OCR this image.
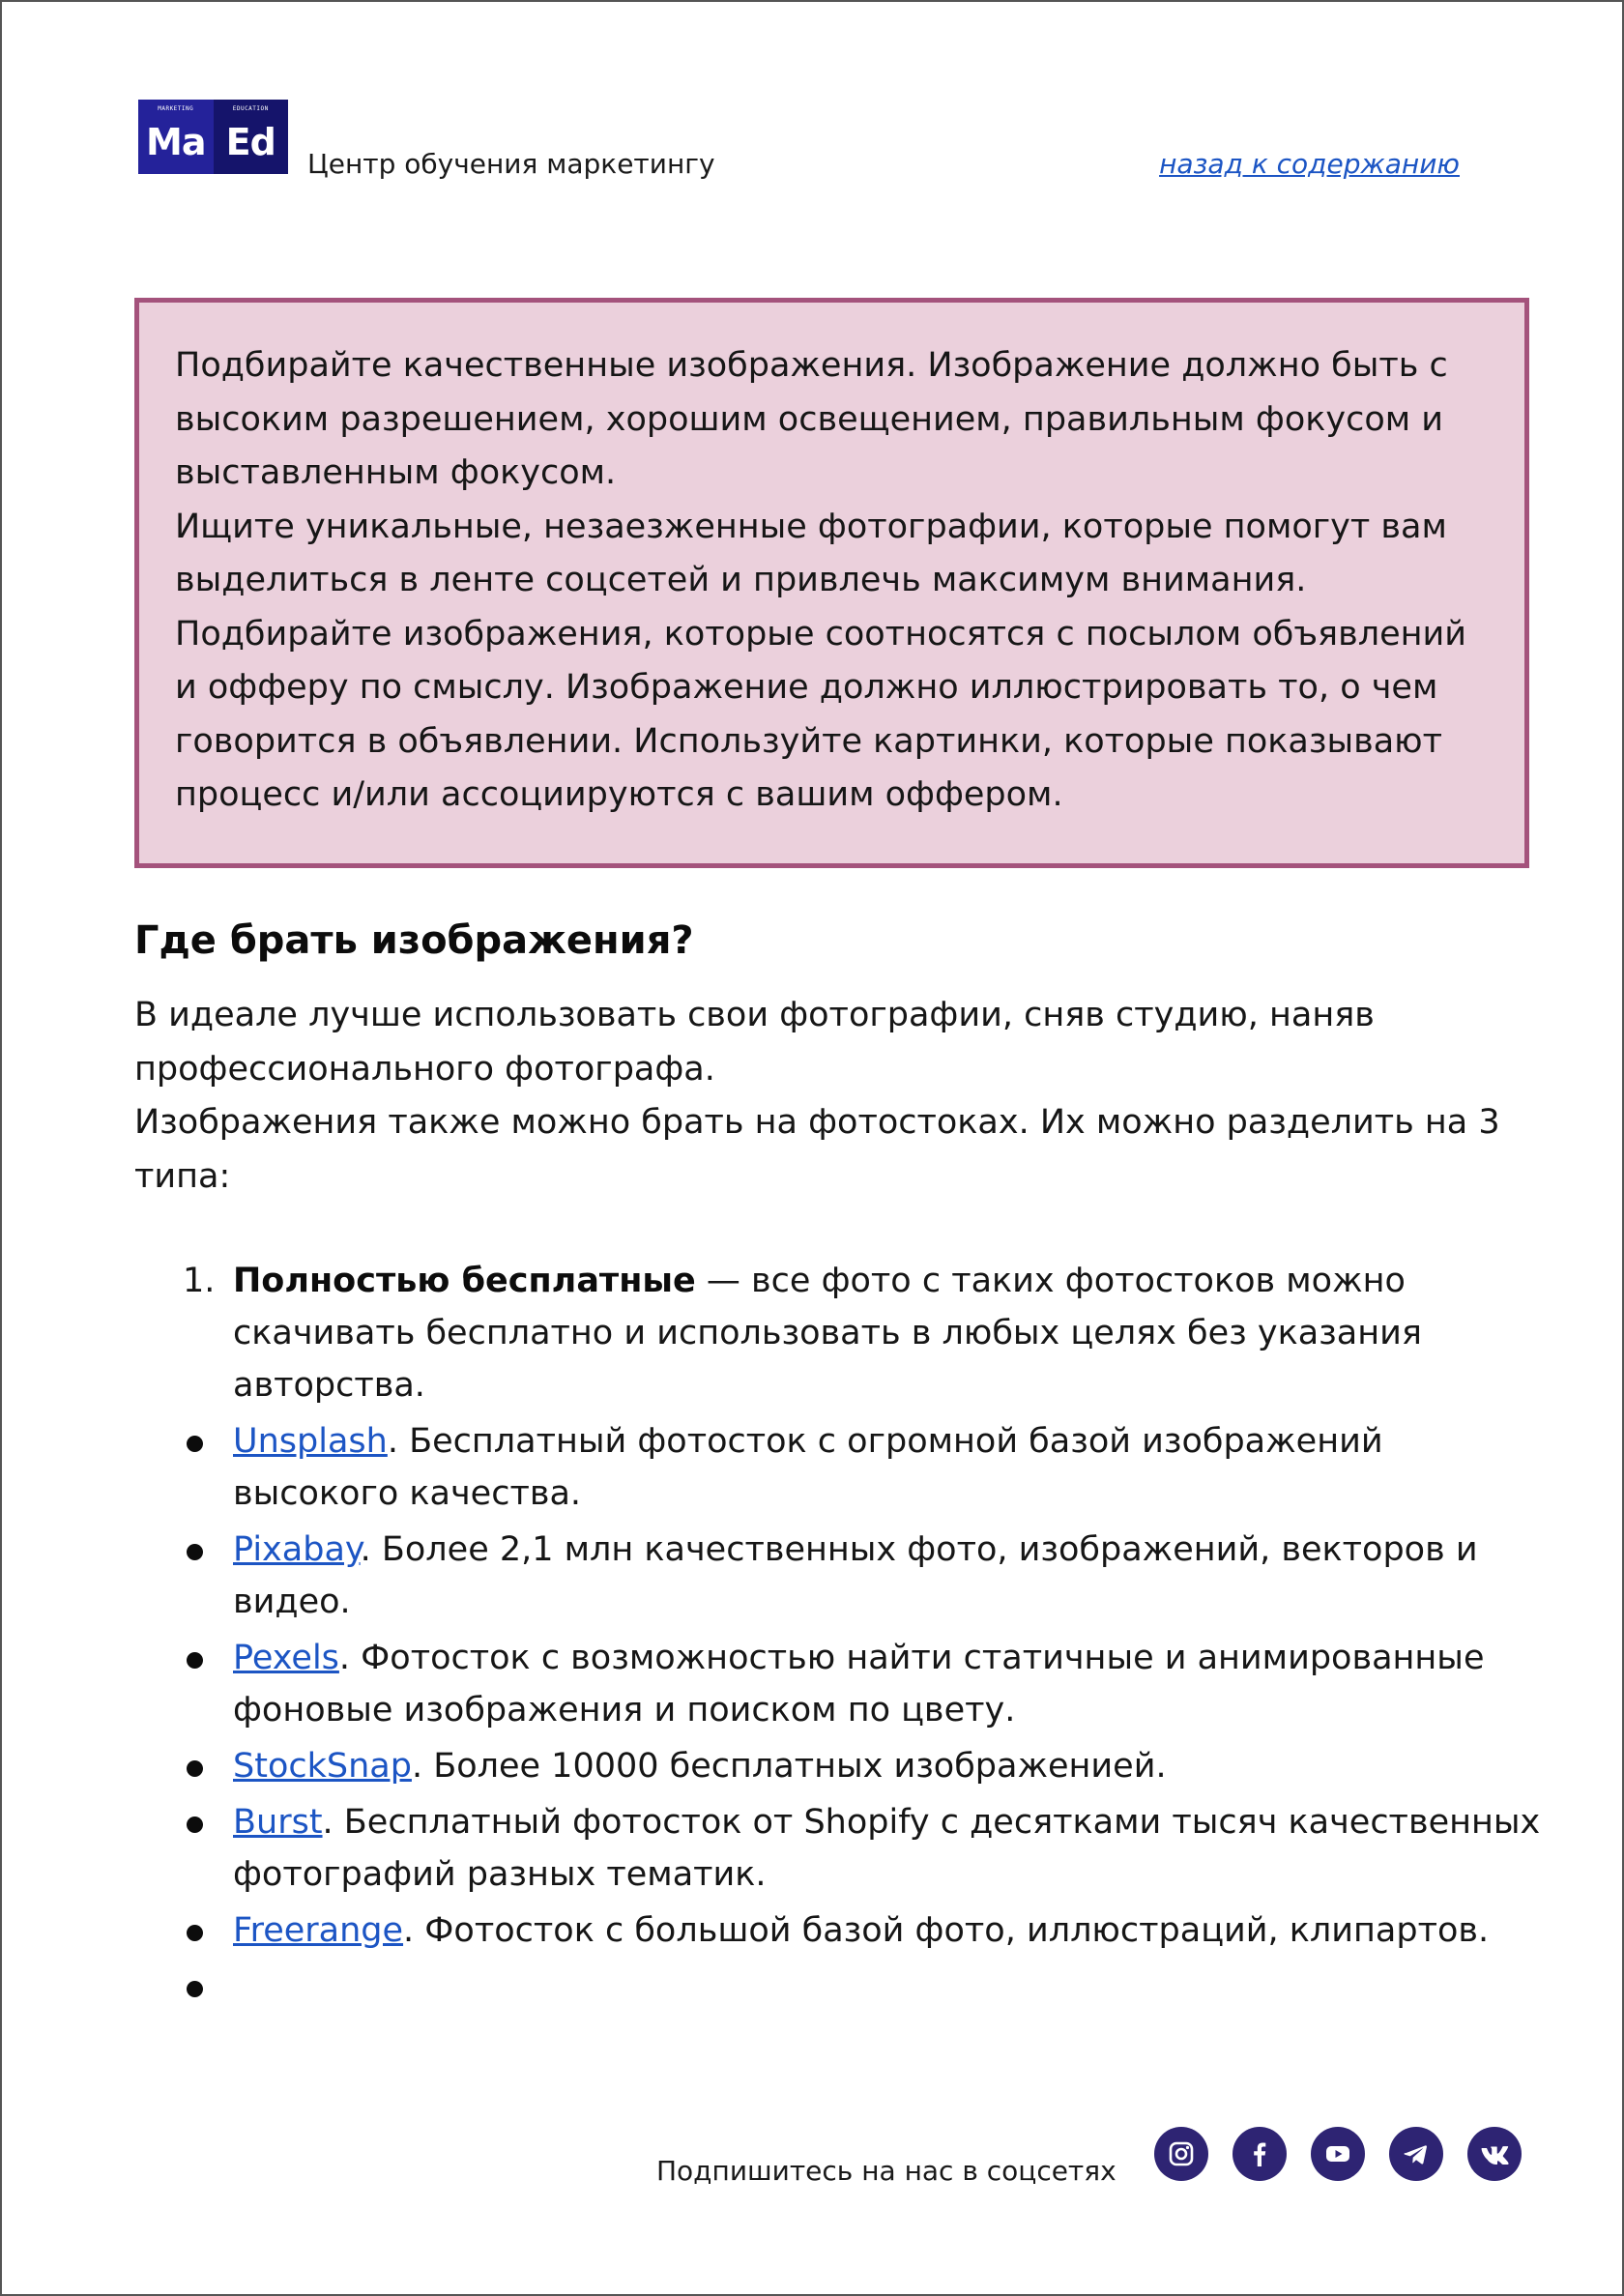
MARKETING
Ma
EDUCATION
Ed
Центр обучения маркетингу	назад к содержанию

Подбирайте качественные изображения. Изображение должно быть с высоким разрешением, хорошим освещением, правильным фокусом и выставленным фокусом.

Ищите уникальные, незаезженные фотографии, которые помогут вам выделиться в ленте соцсетей и привлечь максимум внимания.

Подбирайте изображения, которые соотносятся с посылом объявлений и офферу по смыслу. Изображение должно иллюстрировать то, о чем говорится в объявлении. Используйте картинки, которые показывают процесс и/или ассоциируются с вашим оффером.

Где брать изображения?

В идеале лучше использовать свои фотографии, сняв студию, наняв профессионального фотографа.

Изображения также можно брать на фотостоках. Их можно разделить на 3 типа:

1. Полностью бесплатные — все фото с таких фотостоков можно скачивать бесплатно и использовать в любых целях без указания авторства.
Unsplash. Бесплатный фотосток с огромной базой изображений высокого качества.
Pixabay. Более 2,1 млн качественных фото, изображений, векторов и видео.
Pexels. Фотосток с возможностью найти статичные и анимированные фоновые изображения и поиском по цвету.
StockSnap. Более 10000 бесплатных изображенией.
Burst. Бесплатный фотосток от Shopify с десятками тысяч качественных фотографий разных тематик.
Freerange. Фотосток с большой базой фото, иллюстраций, клипартов.
Подпишитесь на нас в соцсетях
